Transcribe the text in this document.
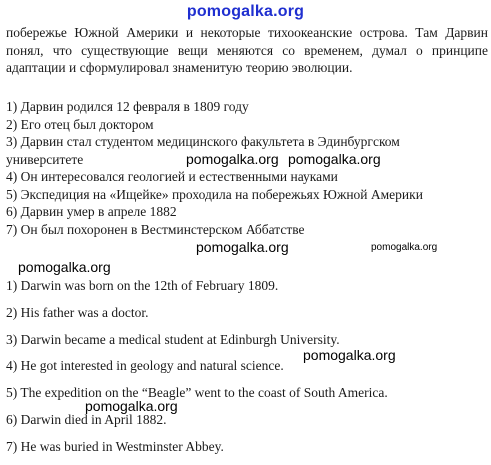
pomogalka.org

побережье Южной Америки и некоторые тихоокеанские острова. Там Дарвин понял, что существующие вещи меняются со временем, думал о принципе адаптации и сформулировал знаменитую теорию эволюции.

1) Дарвин родился 12 февраля в 1809 году
2) Его отец был доктором
3) Дарвин стал студентом медицинского факультета в Эдинбургском
университете
4) Он интересовался геологией и естественными науками
5) Экспедиция на «Ищейке» проходила на побережьях Южной Америки
6) Дарвин умер в апреле 1882
7) Он был похоронен в Вестминстерском Аббатстве
1) Darwin was born on the 12th of February 1809.
2) His father was a doctor.
3) Darwin became a medical student at Edinburgh University.
4) He got interested in geology and natural science.
5) The expedition on the “Beagle” went to the coast of South America.
6) Darwin died in April 1882.
7) He was buried in Westminster Abbey.
pomogalka.org pomogalka.org
pomogalka.org	pomogalka.org
pomogalka.org
pomogalka.org
pomogalka.org
